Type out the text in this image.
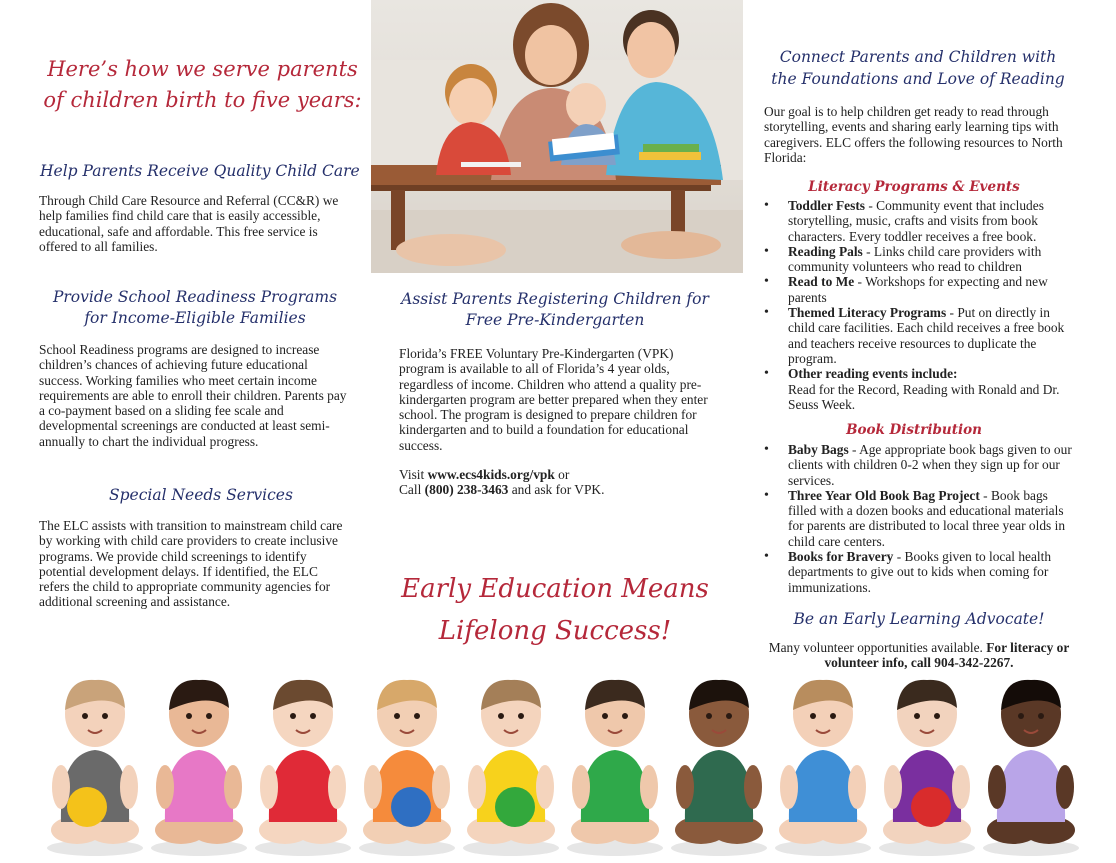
Here’s how we serve parents
of children birth to five years:
Help Parents Receive Quality Child Care
Through Child Care Resource and Referral (CC&R) we help families find child care that is easily accessible, educational, safe and affordable. This free service is offered to all families.
Provide School Readiness Programs
for Income-Eligible Families
School Readiness programs are designed to increase children’s chances of achieving future educational success. Working families who meet certain income requirements are able to enroll their children. Parents pay a co-payment based on a sliding fee scale and developmental screenings are conducted at least semi-annually to chart the individual progress.
Special Needs Services
The ELC assists with transition to mainstream child care by working with child care providers to create inclusive programs. We provide child screenings to identify potential development delays. If identified, the ELC refers the child to appropriate community agencies for additional screening and assistance.
Assist Parents Registering Children for
Free Pre-Kindergarten
Florida’s FREE Voluntary Pre-Kindergarten (VPK) program is available to all of Florida’s 4 year olds, regardless of income. Children who attend a quality pre-kindergarten program are better prepared when they enter school. The program is designed to prepare children for kindergarten and to build a foundation for educational success.
Visit www.ecs4kids.org/vpk or
Call (800) 238-3463 and ask for VPK.
Early Education Means
Lifelong Success!
Connect Parents and Children with
the Foundations and Love of Reading
Our goal is to help children get ready to read through storytelling, events and sharing early learning tips with caregivers. ELC offers the following resources to North Florida:
Literacy Programs & Events
• Toddler Fests - Community event that includes storytelling, music, crafts and visits from book characters. Every toddler receives a free book.
• Reading Pals - Links child care providers with community volunteers who read to children
• Read to Me - Workshops for expecting and new parents
• Themed Literacy Programs - Put on directly in child care facilities. Each child receives a free book and teachers receive resources to duplicate the program.
• Other reading events include:
Read for the Record, Reading with Ronald and Dr. Seuss Week.
Book Distribution
• Baby Bags - Age appropriate book bags given to our clients with children 0-2 when they sign up for our services.
• Three Year Old Book Bag Project - Book bags filled with a dozen books and educational materials for parents are distributed to local three year olds in child care centers.
• Books for Bravery - Books given to local health departments to give out to kids when coming for immunizations.
Be an Early Learning Advocate!
Many volunteer opportunities available. For literacy or volunteer info, call 904-342-2267.
